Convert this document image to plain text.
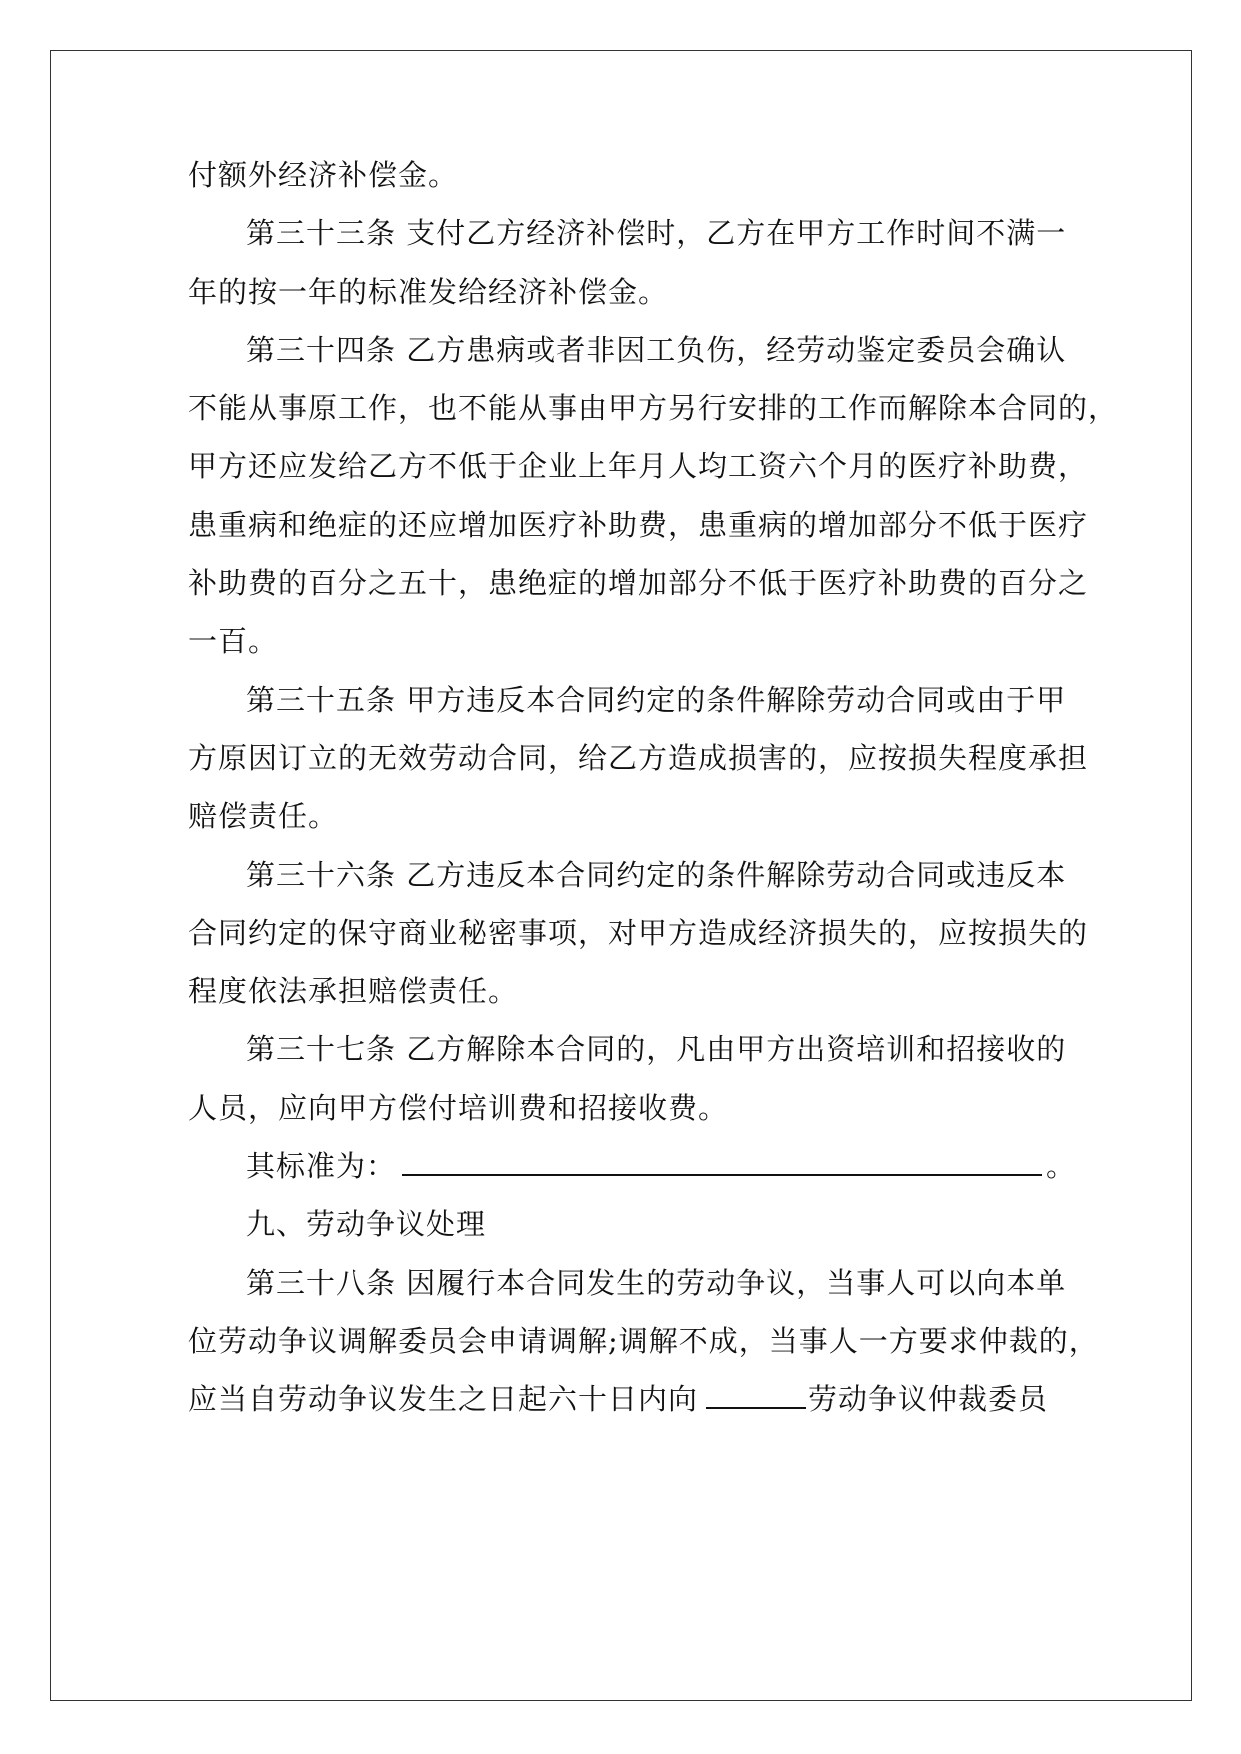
付额外经济补偿金。
第三十三条 支付乙方经济补偿时，乙方在甲方工作时间不满一
年的按一年的标准发给经济补偿金。
第三十四条 乙方患病或者非因工负伤，经劳动鉴定委员会确认
不能从事原工作，也不能从事由甲方另行安排的工作而解除本合同的，
甲方还应发给乙方不低于企业上年月人均工资六个月的医疗补助费，
患重病和绝症的还应增加医疗补助费，患重病的增加部分不低于医疗
补助费的百分之五十，患绝症的增加部分不低于医疗补助费的百分之
一百。
第三十五条 甲方违反本合同约定的条件解除劳动合同或由于甲
方原因订立的无效劳动合同，给乙方造成损害的，应按损失程度承担
赔偿责任。
第三十六条 乙方违反本合同约定的条件解除劳动合同或违反本
合同约定的保守商业秘密事项，对甲方造成经济损失的，应按损失的
程度依法承担赔偿责任。
第三十七条 乙方解除本合同的，凡由甲方出资培训和招接收的
人员，应向甲方偿付培训费和招接收费。
其标准为：	。
九、劳动争议处理
第三十八条 因履行本合同发生的劳动争议，当事人可以向本单
位劳动争议调解委员会申请调解;调解不成，当事人一方要求仲裁的，
应当自劳动争议发生之日起六十日内向	劳动争议仲裁委员
